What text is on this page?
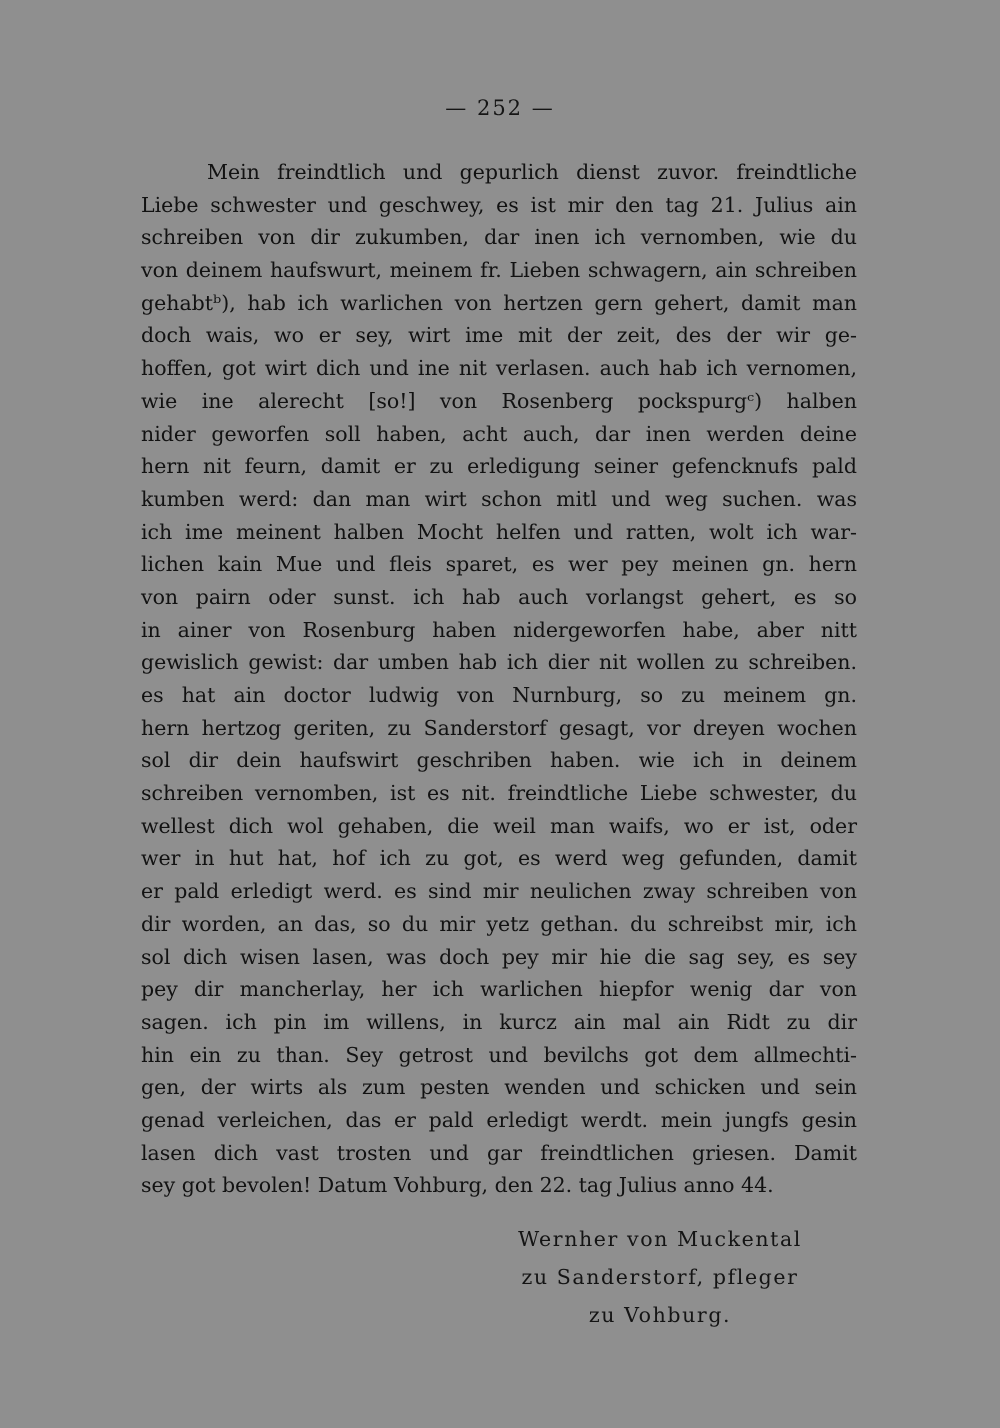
— 252 —
Mein freindtlich und gepurlich dienst zuvor. freindtliche
Liebe schwester und geschwey, es ist mir den tag 21. Julius ain
schreiben von dir zukumben, dar inen ich vernomben, wie du
von deinem haufswurt, meinem fr. Lieben schwagern, ain schreiben
gehabtᵇ), hab ich warlichen von hertzen gern gehert, damit man
doch wais, wo er sey, wirt ime mit der zeit, des der wir ge-
hoffen, got wirt dich und ine nit verlasen. auch hab ich vernomen,
wie ine alerecht [so!] von Rosenberg pockspurgᶜ) halben
nider geworfen soll haben, acht auch, dar inen werden deine
hern nit feurn, damit er zu erledigung seiner gefencknufs pald
kumben werd: dan man wirt schon mitl und weg suchen. was
ich ime meinent halben Mocht helfen und ratten, wolt ich war-
lichen kain Mue und fleis sparet, es wer pey meinen gn. hern
von pairn oder sunst. ich hab auch vorlangst gehert, es so
in ainer von Rosenburg haben nidergeworfen habe, aber nitt
gewislich gewist: dar umben hab ich dier nit wollen zu schreiben.
es hat ain doctor ludwig von Nurnburg, so zu meinem gn.
hern hertzog geriten, zu Sanderstorf gesagt, vor dreyen wochen
sol dir dein haufswirt geschriben haben. wie ich in deinem
schreiben vernomben, ist es nit. freindtliche Liebe schwester, du
wellest dich wol gehaben, die weil man waifs, wo er ist, oder
wer in hut hat, hof ich zu got, es werd weg gefunden, damit
er pald erledigt werd. es sind mir neulichen zway schreiben von
dir worden, an das, so du mir yetz gethan. du schreibst mir, ich
sol dich wisen lasen, was doch pey mir hie die sag sey, es sey
pey dir mancherlay, her ich warlichen hiepfor wenig dar von
sagen. ich pin im willens, in kurcz ain mal ain Ridt zu dir
hin ein zu than. Sey getrost und bevilchs got dem allmechti-
gen, der wirts als zum pesten wenden und schicken und sein
genad verleichen, das er pald erledigt werdt. mein jungfs gesin
lasen dich vast trosten und gar freindtlichen griesen. Damit
sey got bevolen! Datum Vohburg, den 22. tag Julius anno 44.
Wernher von Muckental
zu Sanderstorf, pfleger
zu Vohburg.
